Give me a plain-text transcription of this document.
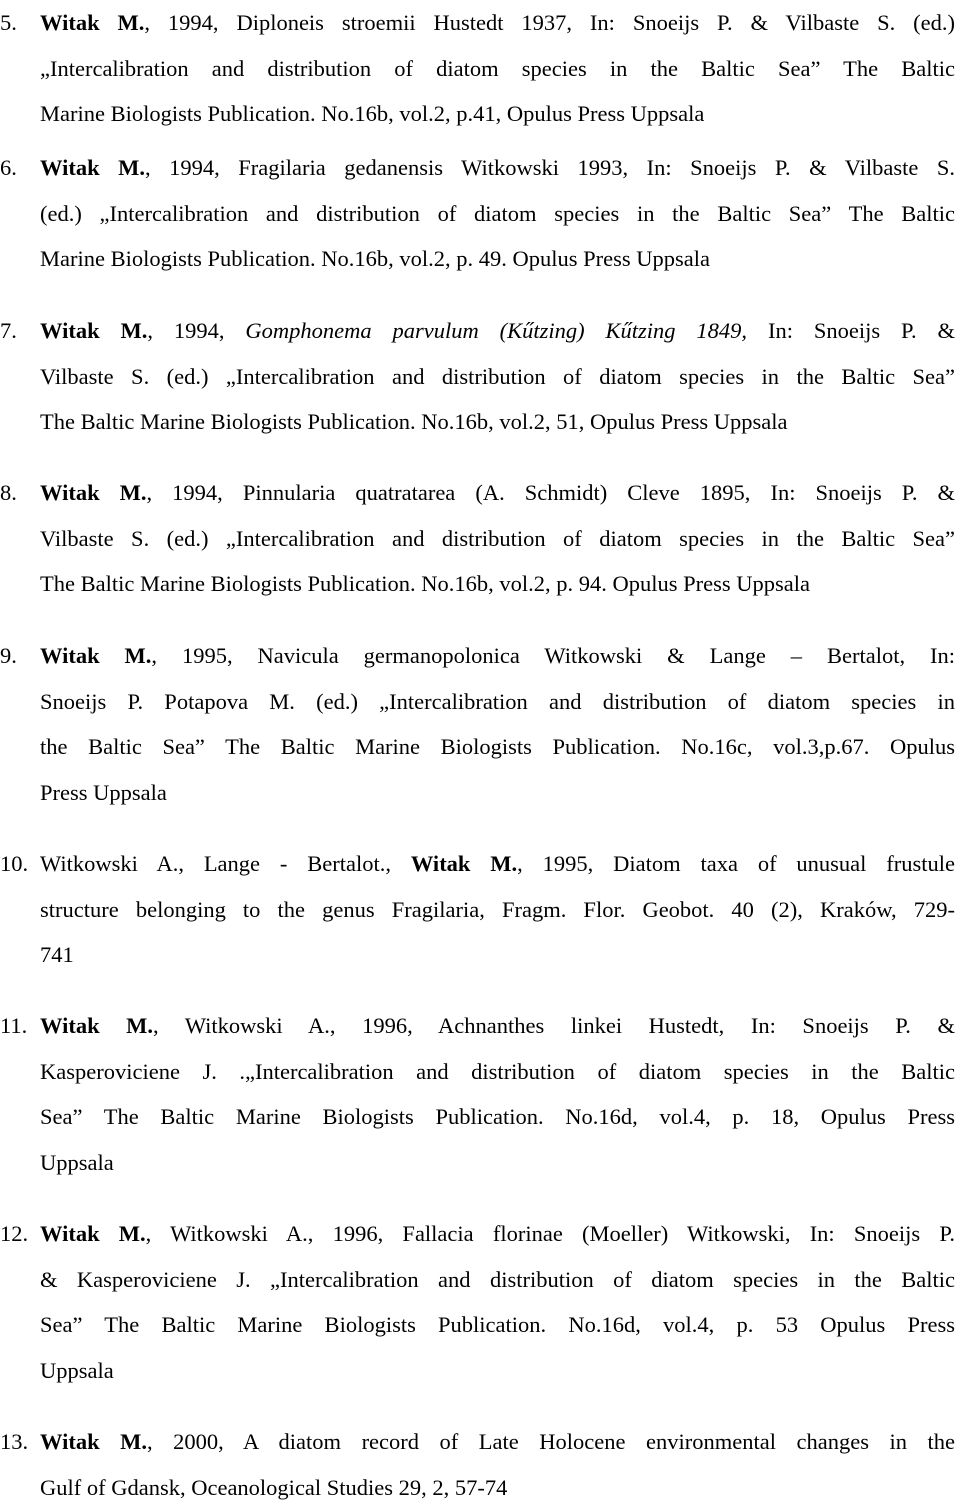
5.	Witak M., 1994, Diploneis stroemii Hustedt 1937, In: Snoeijs P. & Vilbaste S. (ed.)
„Intercalibration and distribution of diatom species in the Baltic Sea” The Baltic
Marine Biologists Publication. No.16b, vol.2, p.41, Opulus Press Uppsala
6.	Witak M., 1994, Fragilaria gedanensis Witkowski 1993, In: Snoeijs P. & Vilbaste S.
(ed.) „Intercalibration and distribution of diatom species in the Baltic Sea” The Baltic
Marine Biologists Publication. No.16b, vol.2, p. 49. Opulus Press Uppsala
7.	Witak M., 1994, Gomphonema parvulum (Kűtzing) Kűtzing 1849, In: Snoeijs P. &
Vilbaste S. (ed.) „Intercalibration and distribution of diatom species in the Baltic Sea”
The Baltic Marine Biologists Publication. No.16b, vol.2, 51, Opulus Press Uppsala
8.	Witak M., 1994, Pinnularia quatratarea (A. Schmidt) Cleve 1895, In: Snoeijs P. &
Vilbaste S. (ed.) „Intercalibration and distribution of diatom species in the Baltic Sea”
The Baltic Marine Biologists Publication. No.16b, vol.2, p. 94. Opulus Press Uppsala
9.	Witak M., 1995, Navicula germanopolonica Witkowski & Lange – Bertalot, In:
Snoeijs P. Potapova M. (ed.) „Intercalibration and distribution of diatom species in
the Baltic Sea” The Baltic Marine Biologists Publication. No.16c, vol.3,p.67. Opulus
Press Uppsala
10. Witkowski A., Lange - Bertalot., Witak M., 1995, Diatom taxa of unusual frustule
structure belonging to the genus Fragilaria, Fragm. Flor. Geobot. 40 (2), Kraków, 729-
741
11. Witak M., Witkowski A., 1996, Achnanthes linkei Hustedt, In: Snoeijs P. &
Kasperoviciene J. .„Intercalibration and distribution of diatom species in the Baltic
Sea” The Baltic Marine Biologists Publication. No.16d, vol.4, p. 18, Opulus Press
Uppsala
12. Witak M., Witkowski A., 1996, Fallacia florinae (Moeller) Witkowski, In: Snoeijs P.
& Kasperoviciene J. „Intercalibration and distribution of diatom species in the Baltic
Sea” The Baltic Marine Biologists Publication. No.16d, vol.4, p. 53 Opulus Press
Uppsala
13. Witak M., 2000, A diatom record of Late Holocene environmental changes in the
Gulf of Gdansk, Oceanological Studies 29, 2, 57-74
